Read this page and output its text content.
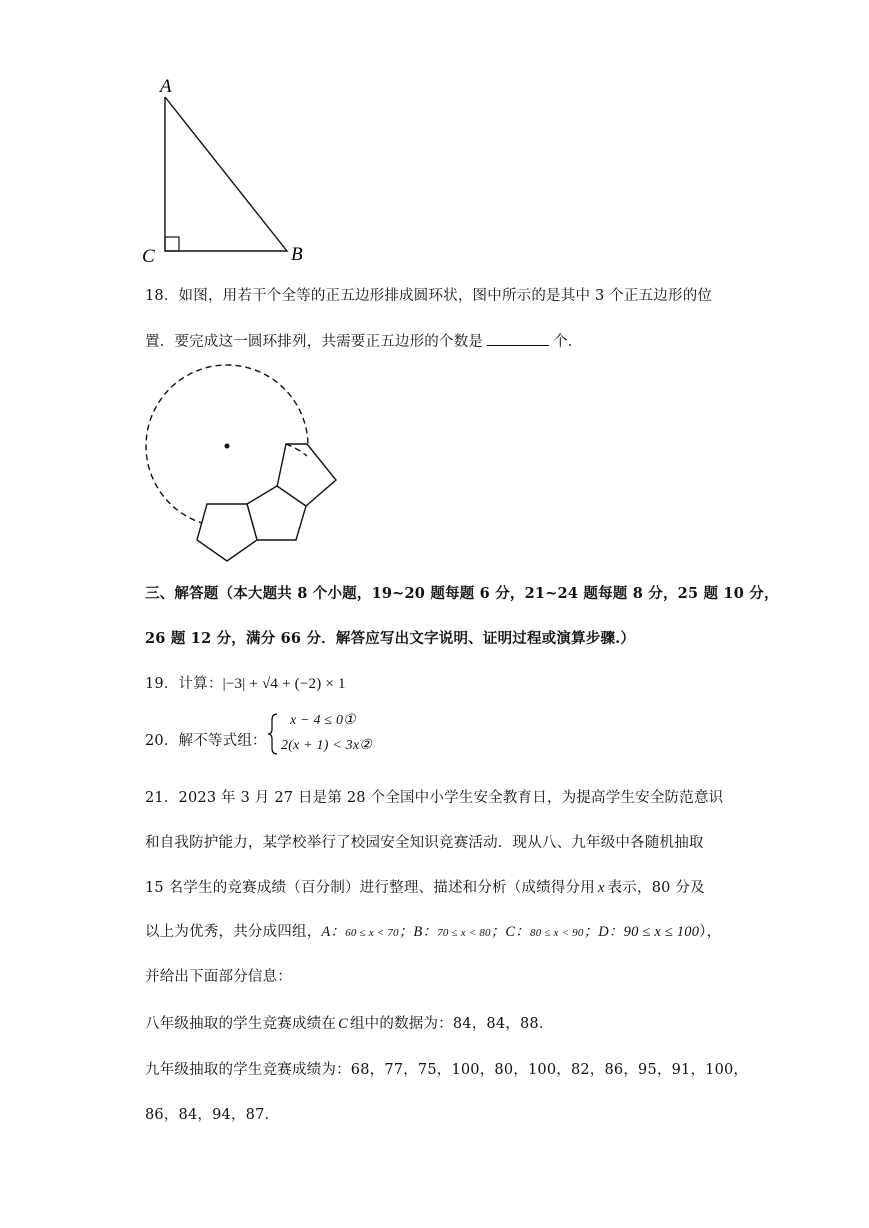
A
B
C
18．如图，用若干个全等的正五边形排成圆环状，图中所示的是其中 3 个正五边形的位
置．要完成这一圆环排列，共需要正五边形的个数是	个．
三、解答题（本大题共 8 个小题，19~20 题每题 6 分，21~24 题每题 8 分，25 题 10 分，
26 题 12 分，满分 66 分．解答应写出文字说明、证明过程或演算步骤.）
19．计算：|−3| + √4 + (−2) × 1
20．解不等式组：
x − 4 ≤ 0①
2(x + 1) < 3x②
21．2023 年 3 月 27 日是第 28 个全国中小学生安全教育日，为提高学生安全防范意识
和自我防护能力，某学校举行了校园安全知识竞赛活动．现从八、九年级中各随机抽取
15 名学生的竞赛成绩（百分制）进行整理、描述和分析（成绩得分用 x 表示，80 分及
以上为优秀，共分成四组，A：60 ≤ x < 70；B：70 ≤ x < 80；C：80 ≤ x < 90；D：90 ≤ x ≤ 100），
并给出下面部分信息：
八年级抽取的学生竞赛成绩在 C 组中的数据为：84，84，88．
九年级抽取的学生竞赛成绩为：68，77，75，100，80，100，82，86，95，91，100，
86，84，94，87．
